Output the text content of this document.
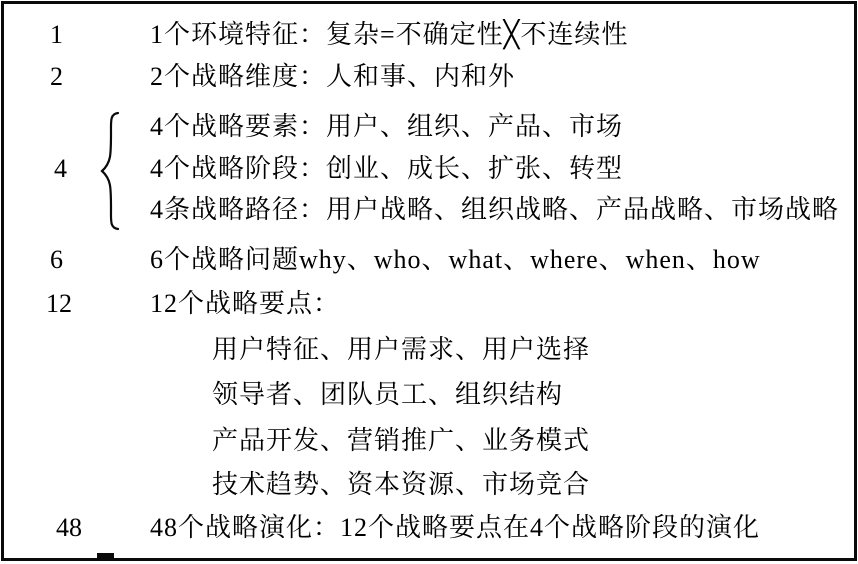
1
2
4
6
12
48
1个环境特征：复杂=不确定性╳不连续性
2个战略维度：人和事、内和外
4个战略要素：用户、组织、产品、市场
4个战略阶段：创业、成长、扩张、转型
4条战略路径：用户战略、组织战略、产品战略、市场战略
6个战略问题why、who、what、where、when、how
12个战略要点：
用户特征、用户需求、用户选择
领导者、团队员工、组织结构
产品开发、营销推广、业务模式
技术趋势、资本资源、市场竞合
48个战略演化：12个战略要点在4个战略阶段的演化
